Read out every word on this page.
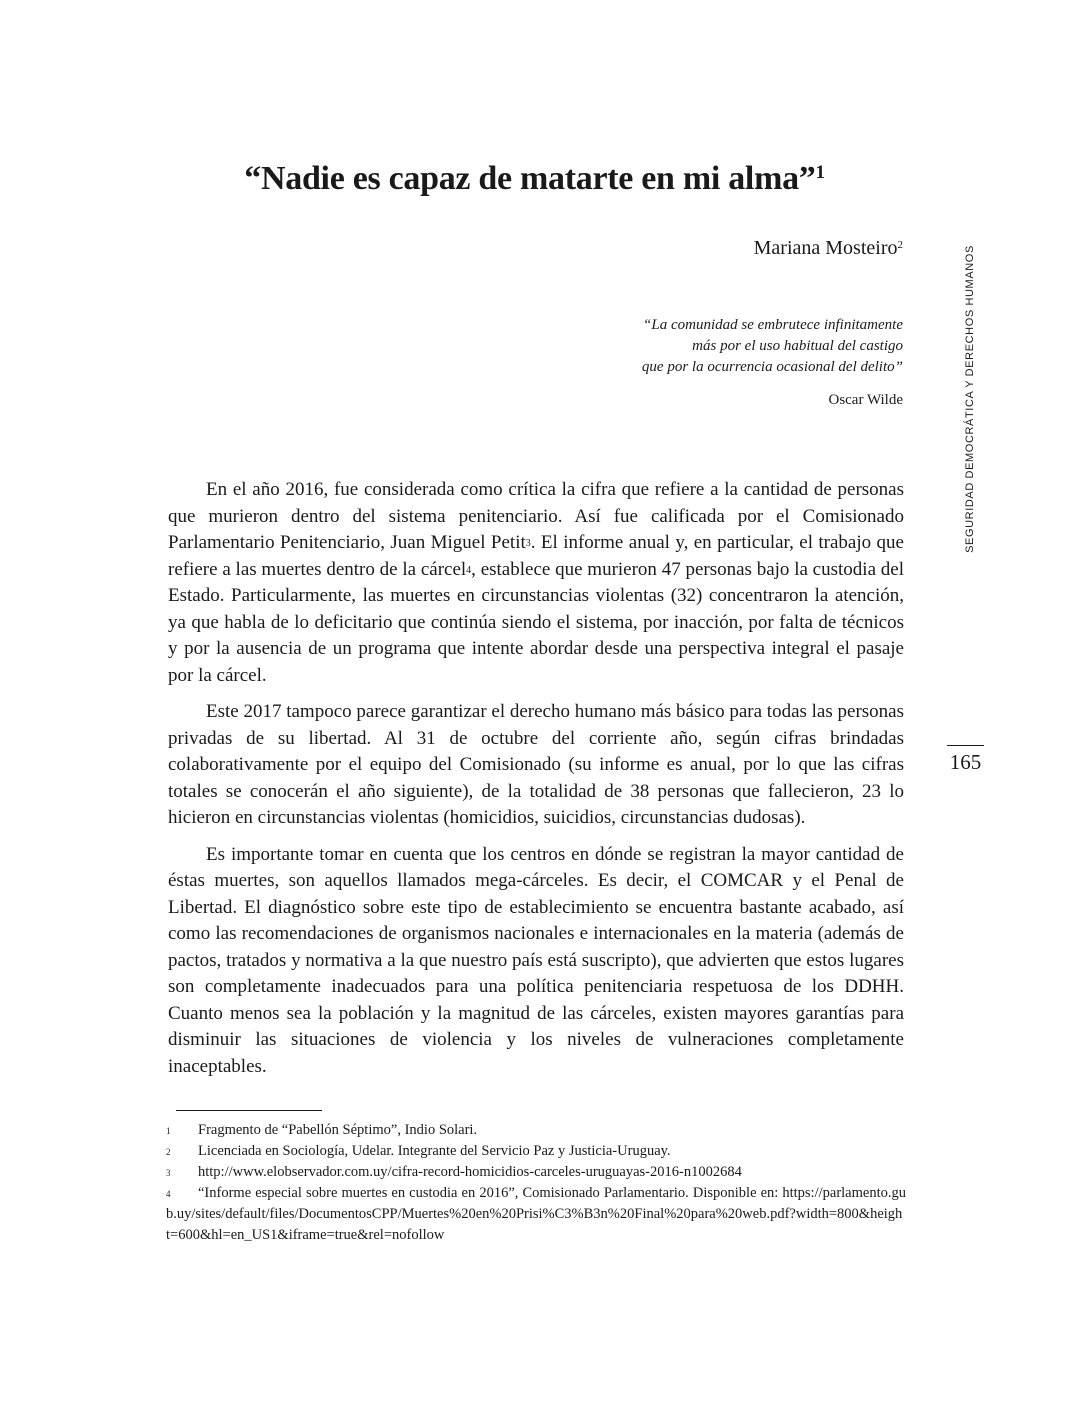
“Nadie es capaz de matarte en mi alma”$^1$
Mariana Mosteiro$^2$
“La comunidad se embrutece infinitamente
más por el uso habitual del castigo
que por la ocurrencia ocasional del delito”
Oscar Wilde

En el año 2016, fue considerada como crítica la cifra que refiere a la cantidad de personas que murieron dentro del sistema penitenciario. Así fue calificada por el Comisionado Parlamentario Penitenciario, Juan Miguel Petit$^3$. El informe anual y, en particular, el trabajo que refiere a las muertes dentro de la cárcel$^4$, establece que murieron 47 personas bajo la custodia del Estado. Particularmente, las muertes en circunstancias violentas (32) concentraron la atención, ya que habla de lo deficitario que continúa siendo el sistema, por inacción, por falta de técnicos y por la ausencia de un programa que intente abordar desde una perspectiva integral el pasaje por la cárcel.

Este 2017 tampoco parece garantizar el derecho humano más básico para todas las personas privadas de su libertad. Al 31 de octubre del corriente año, según cifras brindadas colaborativamente por el equipo del Comisionado (su informe es anual, por lo que las cifras totales se conocerán el año siguiente), de la totalidad de 38 personas que fallecieron, 23 lo hicieron en circunstancias violentas (homicidios, suicidios, circunstancias dudosas).

Es importante tomar en cuenta que los centros en dónde se registran la mayor cantidad de éstas muertes, son aquellos llamados mega-cárceles. Es decir, el COMCAR y el Penal de Libertad. El diagnóstico sobre este tipo de establecimiento se encuentra bastante acabado, así como las recomendaciones de organismos nacionales e internacionales en la materia (además de pactos, tratados y normativa a la que nuestro país está suscripto), que advierten que estos lugares son completamente inadecuados para una política penitenciaria respetuosa de los DDHH. Cuanto menos sea la población y la magnitud de las cárceles, existen mayores garantías para disminuir las situaciones de violencia y los niveles de vulneraciones completamente inaceptables.

SEGURIDAD DEMOCRÁTICA Y DERECHOS HUMANOS
165
1 Fragmento de “Pabellón Séptimo”, Indio Solari.
2 Licenciada en Sociología, Udelar. Integrante del Servicio Paz y Justicia-Uruguay.
3 http://www.elobservador.com.uy/cifra-record-homicidios-carceles-uruguayas-2016-n1002684
4 “Informe especial sobre muertes en custodia en 2016”, Comisionado Parlamentario. Disponible en: https://parlamento.gub.uy/sites/default/files/DocumentosCPP/Muertes%20en%20Prisi%C3%B3n%20Final%20para%20web.pdf?width=800&height=600&hl=en_US1&iframe=true&rel=nofollow
